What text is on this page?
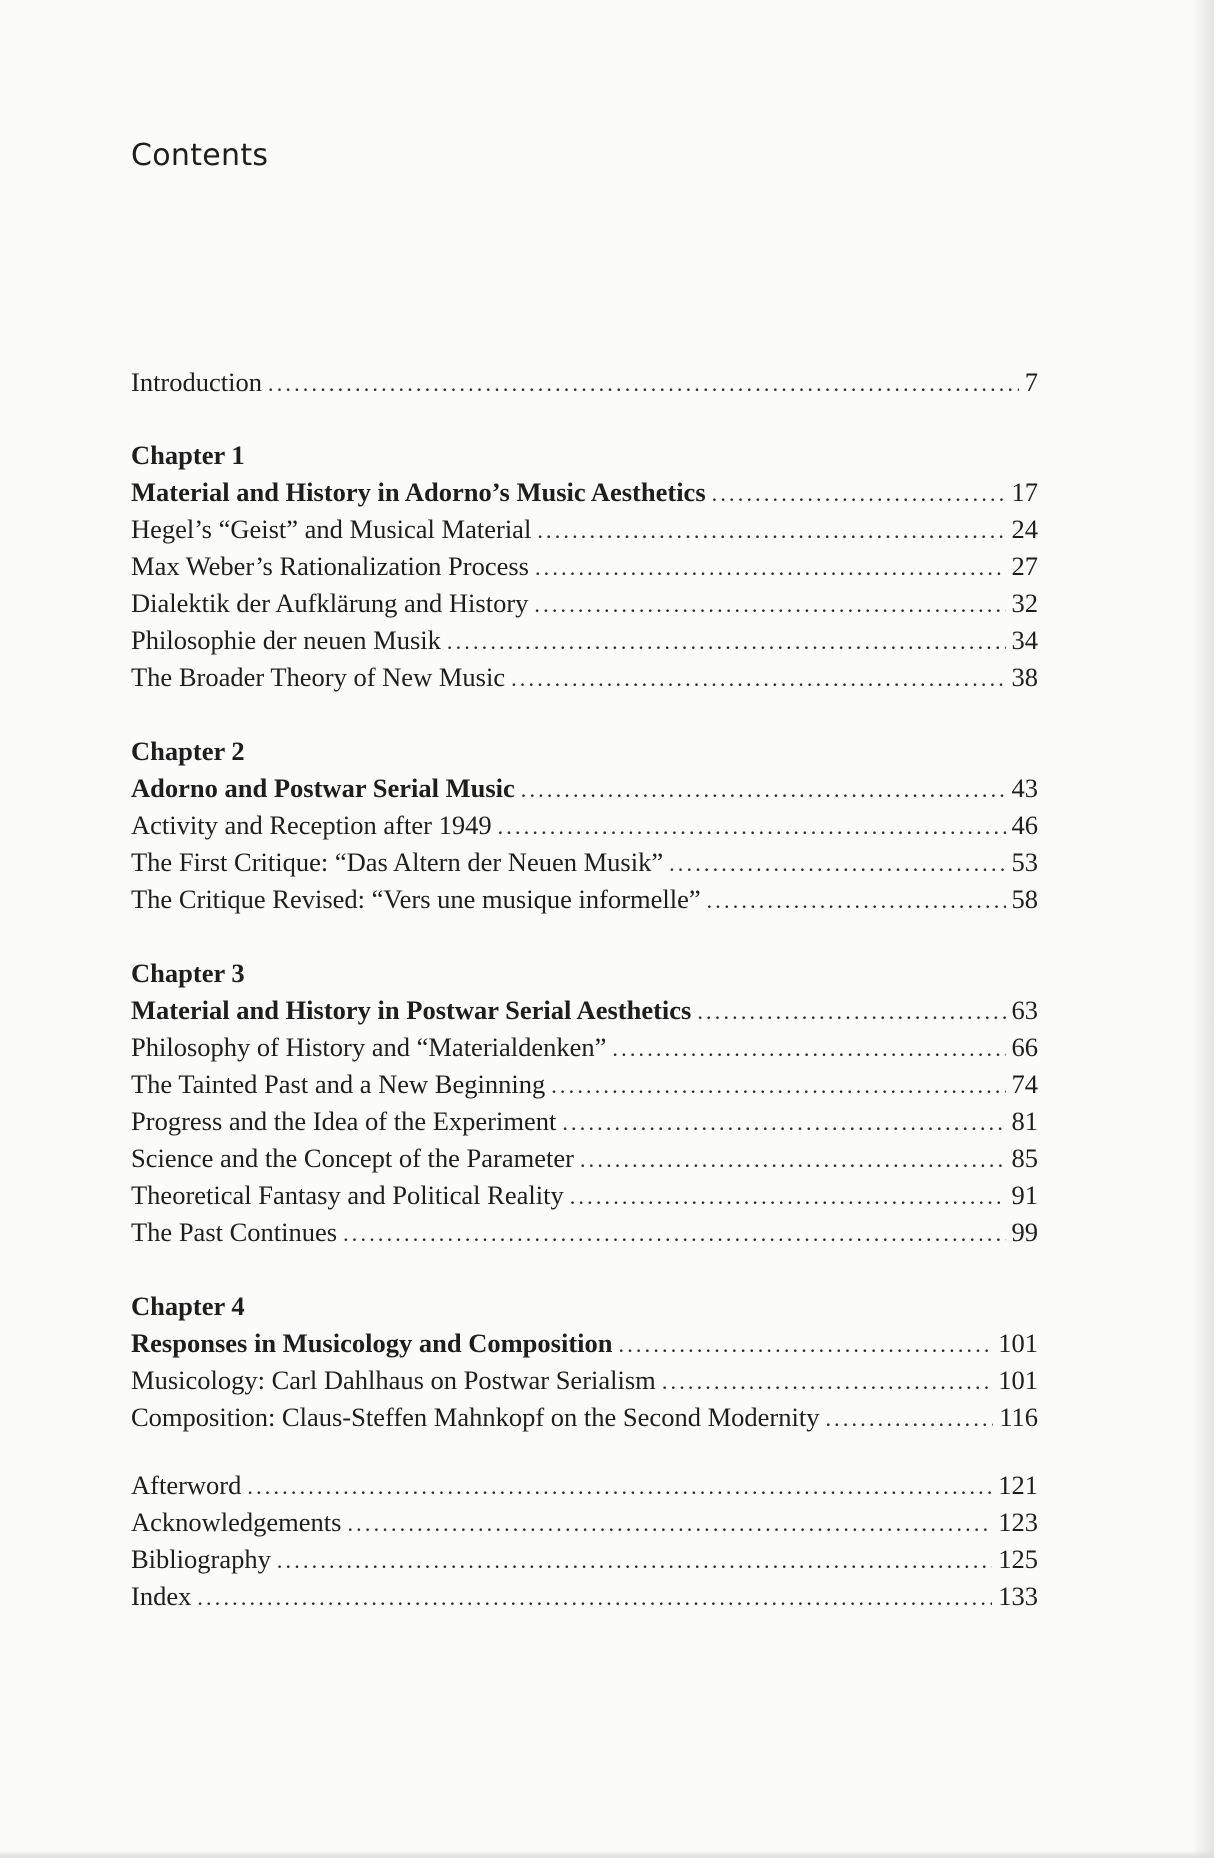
Contents
Introduction .....	7
Chapter 1
Material and History in Adorno’s Music Aesthetics .....	17
Hegel’s “Geist” and Musical Material .....	24
Max Weber’s Rationalization Process .....	27
Dialektik der Aufklärung and History .....	32
Philosophie der neuen Musik .....	34
The Broader Theory of New Music .....	38
Chapter 2
Adorno and Postwar Serial Music .....	43
Activity and Reception after 1949 .....	46
The First Critique: “Das Altern der Neuen Musik” .....	53
The Critique Revised: “Vers une musique informelle” .....	58
Chapter 3
Material and History in Postwar Serial Aesthetics .....	63
Philosophy of History and “Materialdenken” .....	66
The Tainted Past and a New Beginning .....	74
Progress and the Idea of the Experiment .....	81
Science and the Concept of the Parameter .....	85
Theoretical Fantasy and Political Reality .....	91
The Past Continues .....	99
Chapter 4
Responses in Musicology and Composition .....	101
Musicology: Carl Dahlhaus on Postwar Serialism .....	101
Composition: Claus-Steffen Mahnkopf on the Second Modernity .....	116
Afterword .....	121
Acknowledgements .....	123
Bibliography .....	125
Index .....	133
